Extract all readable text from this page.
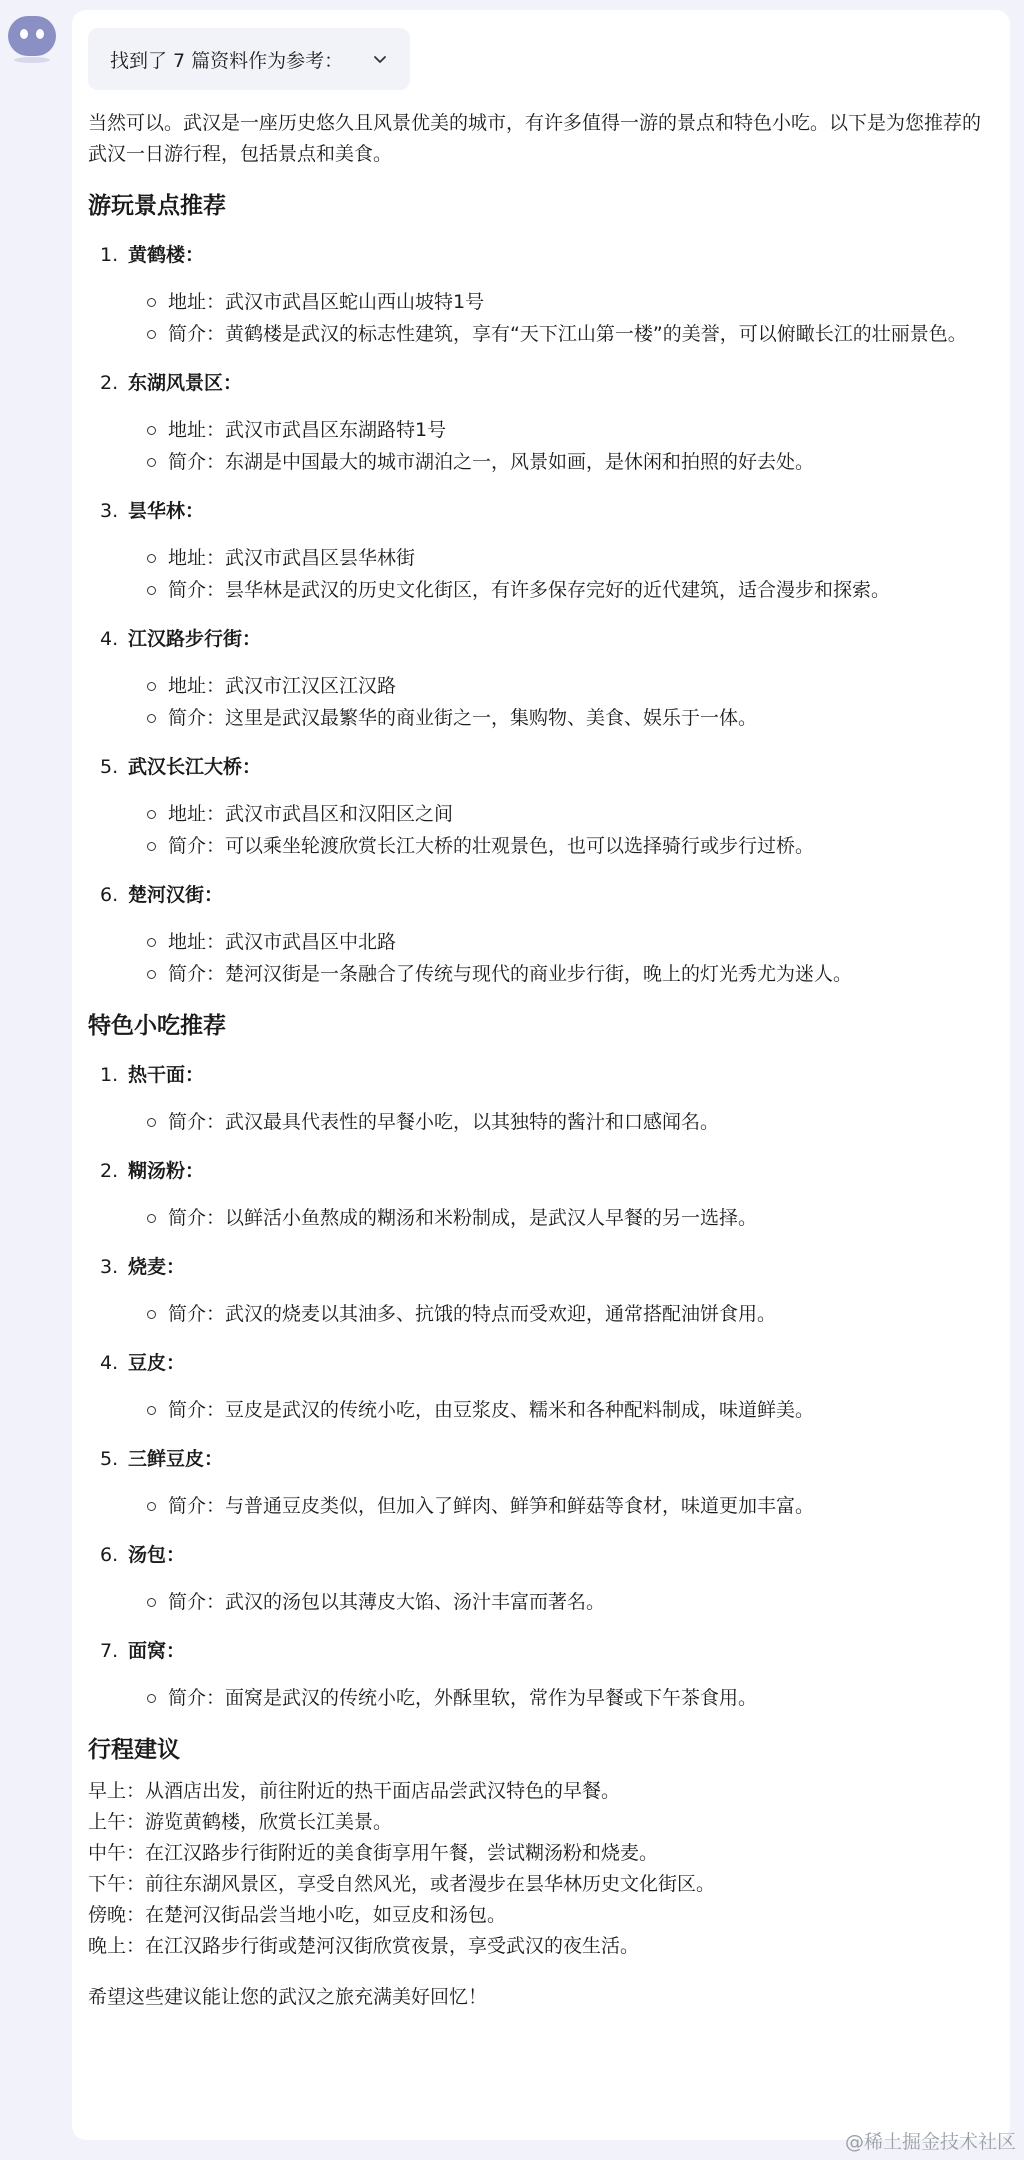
找到了 7 篇资料作为参考：

当然可以。武汉是一座历史悠久且风景优美的城市，有许多值得一游的景点和特色小吃。以下是为您推荐的武汉一日游行程，包括景点和美食。

游玩景点推荐
1. 黄鹤楼：
地址：武汉市武昌区蛇山西山坡特1号
简介：黄鹤楼是武汉的标志性建筑，享有“天下江山第一楼”的美誉，可以俯瞰长江的壮丽景色。
2. 东湖风景区：
地址：武汉市武昌区东湖路特1号
简介：东湖是中国最大的城市湖泊之一，风景如画，是休闲和拍照的好去处。
3. 昙华林：
地址：武汉市武昌区昙华林街
简介：昙华林是武汉的历史文化街区，有许多保存完好的近代建筑，适合漫步和探索。
4. 江汉路步行街：
地址：武汉市江汉区江汉路
简介：这里是武汉最繁华的商业街之一，集购物、美食、娱乐于一体。
5. 武汉长江大桥：
地址：武汉市武昌区和汉阳区之间
简介：可以乘坐轮渡欣赏长江大桥的壮观景色，也可以选择骑行或步行过桥。
6. 楚河汉街：
地址：武汉市武昌区中北路
简介：楚河汉街是一条融合了传统与现代的商业步行街，晚上的灯光秀尤为迷人。
特色小吃推荐
1. 热干面：
简介：武汉最具代表性的早餐小吃，以其独特的酱汁和口感闻名。
2. 糊汤粉：
简介：以鲜活小鱼熬成的糊汤和米粉制成，是武汉人早餐的另一选择。
3. 烧麦：
简介：武汉的烧麦以其油多、抗饿的特点而受欢迎，通常搭配油饼食用。
4. 豆皮：
简介：豆皮是武汉的传统小吃，由豆浆皮、糯米和各种配料制成，味道鲜美。
5. 三鲜豆皮：
简介：与普通豆皮类似，但加入了鲜肉、鲜笋和鲜菇等食材，味道更加丰富。
6. 汤包：
简介：武汉的汤包以其薄皮大馅、汤汁丰富而著名。
7. 面窝：
简介：面窝是武汉的传统小吃，外酥里软，常作为早餐或下午茶食用。
行程建议

早上：从酒店出发，前往附近的热干面店品尝武汉特色的早餐。

上午：游览黄鹤楼，欣赏长江美景。

中午：在江汉路步行街附近的美食街享用午餐，尝试糊汤粉和烧麦。

下午：前往东湖风景区，享受自然风光，或者漫步在昙华林历史文化街区。

傍晚：在楚河汉街品尝当地小吃，如豆皮和汤包。

晚上：在江汉路步行街或楚河汉街欣赏夜景，享受武汉的夜生活。

希望这些建议能让您的武汉之旅充满美好回忆！

@稀土掘金技术社区
